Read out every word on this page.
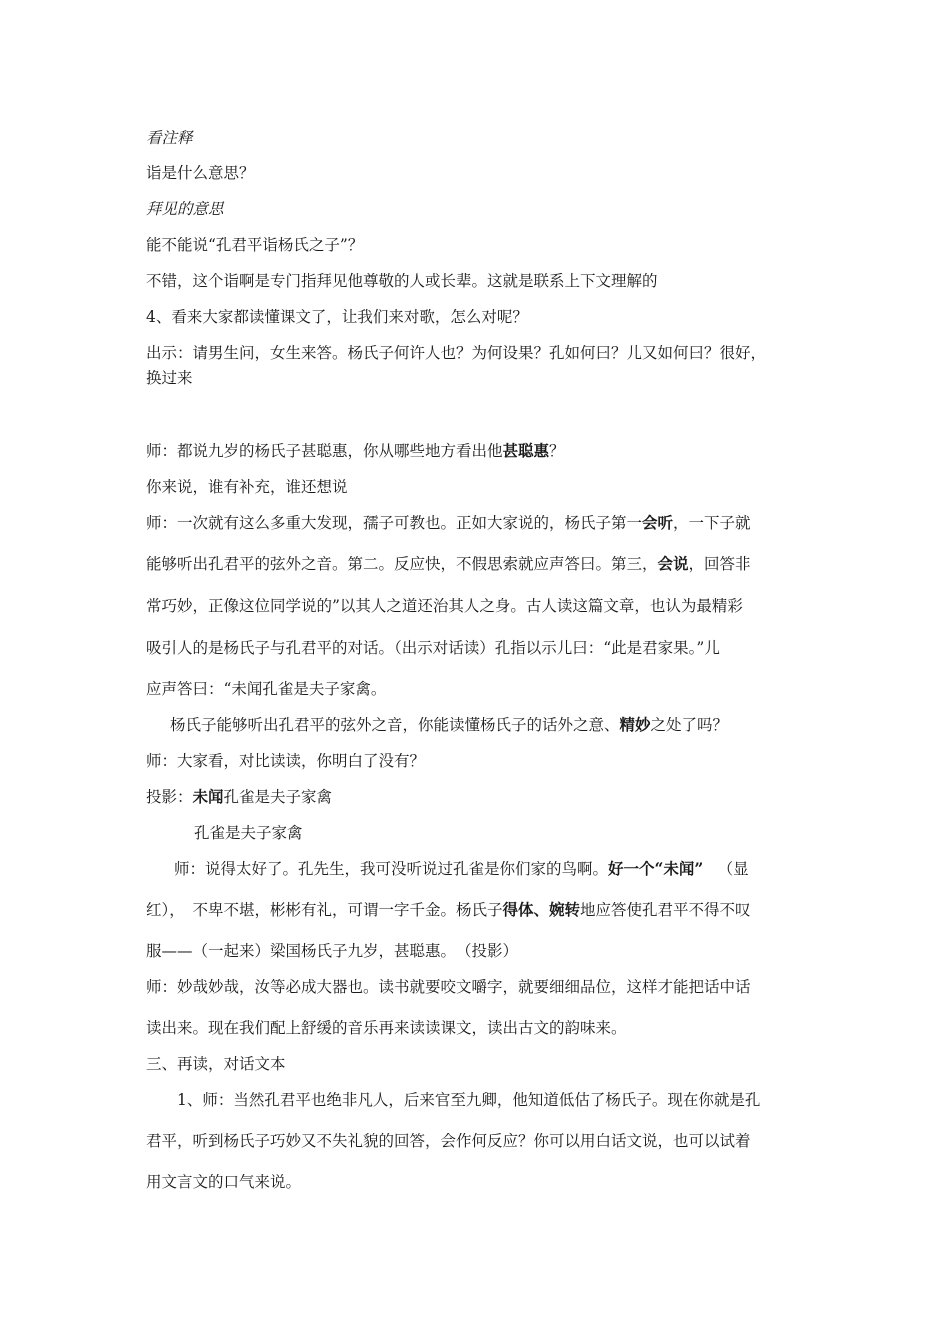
看注释
诣是什么意思？
拜见的意思
能不能说“孔君平诣杨氏之子”？
不错，这个诣啊是专门指拜见他尊敬的人或长辈。这就是联系上下文理解的
4、看来大家都读懂课文了，让我们来对歌，怎么对呢？
出示：请男生问，女生来答。杨氏子何许人也？为何设果？孔如何曰？儿又如何曰？很好，
换过来
师：都说九岁的杨氏子甚聪惠，你从哪些地方看出他甚聪惠？
你来说，谁有补充，谁还想说
师：一次就有这么多重大发现，孺子可教也。正如大家说的，杨氏子第一会听，一下子就
能够听出孔君平的弦外之音。第二。反应快，不假思索就应声答曰。第三，会说，回答非
常巧妙，正像这位同学说的”以其人之道还治其人之身。古人读这篇文章，也认为最精彩
吸引人的是杨氏子与孔君平的对话。（出示对话读）孔指以示儿曰：“此是君家果。”儿
应声答曰：“未闻孔雀是夫子家禽。
杨氏子能够听出孔君平的弦外之音，你能读懂杨氏子的话外之意、精妙之处了吗？
师：大家看，对比读读，你明白了没有？
投影：未闻孔雀是夫子家禽
孔雀是夫子家禽
师：说得太好了。孔先生，我可没听说过孔雀是你们家的鸟啊。好一个“未闻” （显
红），　不卑不堪，彬彬有礼，可谓一字千金。杨氏子得体、婉转地应答使孔君平不得不叹
服——（一起来）梁国杨氏子九岁，甚聪惠。　（投影）
师：妙哉妙哉，汝等必成大器也。读书就要咬文嚼字，就要细细品位，这样才能把话中话
读出来。现在我们配上舒缓的音乐再来读读课文，读出古文的韵味来。
三、再读，对话文本
1、师：当然孔君平也绝非凡人，后来官至九卿，他知道低估了杨氏子。现在你就是孔
君平，听到杨氏子巧妙又不失礼貌的回答，会作何反应？你可以用白话文说，也可以试着
用文言文的口气来说。
